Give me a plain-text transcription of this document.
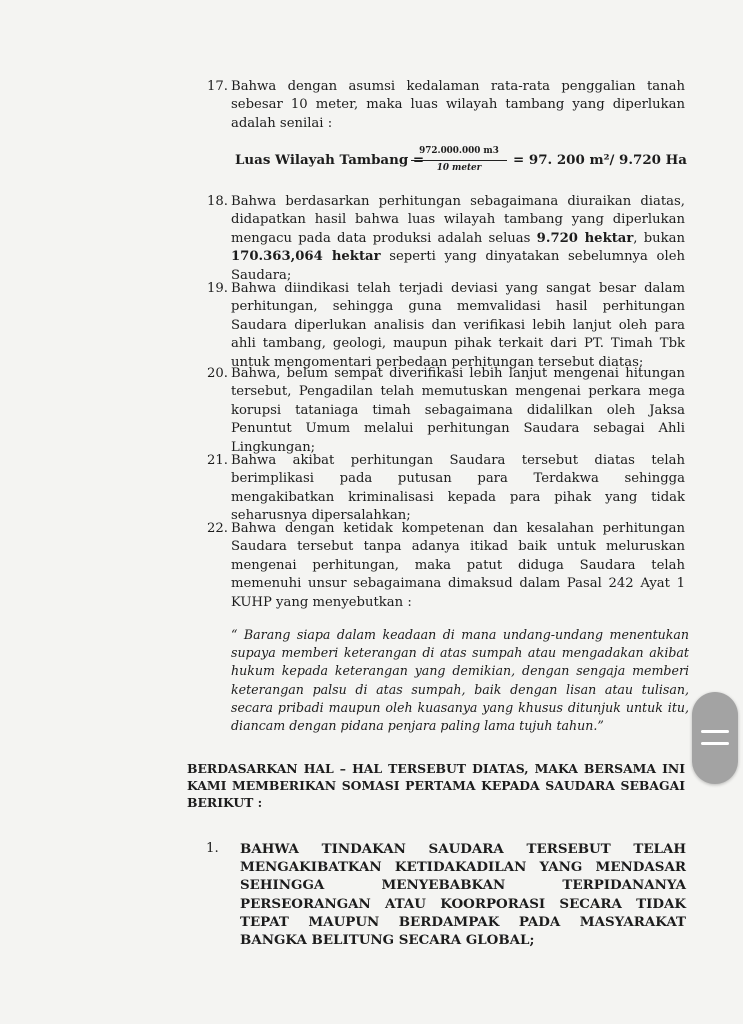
17. Bahwa dengan asumsi kedalaman rata-rata penggalian tanah sebesar 10 meter, maka luas wilayah tambang yang diperlukan adalah senilai :
Luas Wilayah Tambang =
972.000.000 m3
10 meter	= 97. 200 m²/ 9.720 Ha
18. Bahwa berdasarkan perhitungan sebagaimana diuraikan diatas, didapatkan hasil bahwa luas wilayah tambang yang diperlukan mengacu pada data produksi adalah seluas 9.720 hektar, bukan 170.363,064 hektar seperti yang dinyatakan sebelumnya oleh Saudara;
19. Bahwa diindikasi telah terjadi deviasi yang sangat besar dalam perhitungan, sehingga guna memvalidasi hasil perhitungan Saudara diperlukan analisis dan verifikasi lebih lanjut oleh para ahli tambang, geologi, maupun pihak terkait dari PT. Timah Tbk untuk mengomentari perbedaan perhitungan tersebut diatas;
20. Bahwa, belum sempat diverifikasi lebih lanjut mengenai hitungan tersebut, Pengadilan telah memutuskan mengenai perkara mega korupsi tataniaga timah sebagaimana didalilkan oleh Jaksa Penuntut Umum melalui perhitungan Saudara sebagai Ahli Lingkungan;
21. Bahwa akibat perhitungan Saudara tersebut diatas telah berimplikasi pada putusan para Terdakwa sehingga mengakibatkan kriminalisasi kepada para pihak yang tidak seharusnya dipersalahkan;
22. Bahwa dengan ketidak kompetenan dan kesalahan perhitungan Saudara tersebut tanpa adanya itikad baik untuk meluruskan mengenai perhitungan, maka patut diduga Saudara telah memenuhi unsur sebagaimana dimaksud dalam Pasal 242 Ayat 1 KUHP yang menyebutkan :
“ Barang siapa dalam keadaan di mana undang-undang menentukan supaya memberi keterangan di atas sumpah atau mengadakan akibat hukum kepada keterangan yang demikian, dengan sengaja memberi keterangan palsu di atas sumpah, baik dengan lisan atau tulisan, secara pribadi maupun oleh kuasanya yang khusus ditunjuk untuk itu, diancam dengan pidana penjara paling lama tujuh tahun.”
BERDASARKAN HAL – HAL TERSEBUT DIATAS, MAKA BERSAMA INI KAMI MEMBERIKAN SOMASI PERTAMA KEPADA SAUDARA SEBAGAI BERIKUT :
1. BAHWA TINDAKAN SAUDARA TERSEBUT TELAH MENGAKIBATKAN KETIDAKADILAN YANG MENDASAR SEHINGGA MENYEBABKAN TERPIDANANYA PERSEORANGAN ATAU KOORPORASI SECARA TIDAK TEPAT MAUPUN BERDAMPAK PADA MASYARAKAT BANGKA BELITUNG SECARA GLOBAL;
